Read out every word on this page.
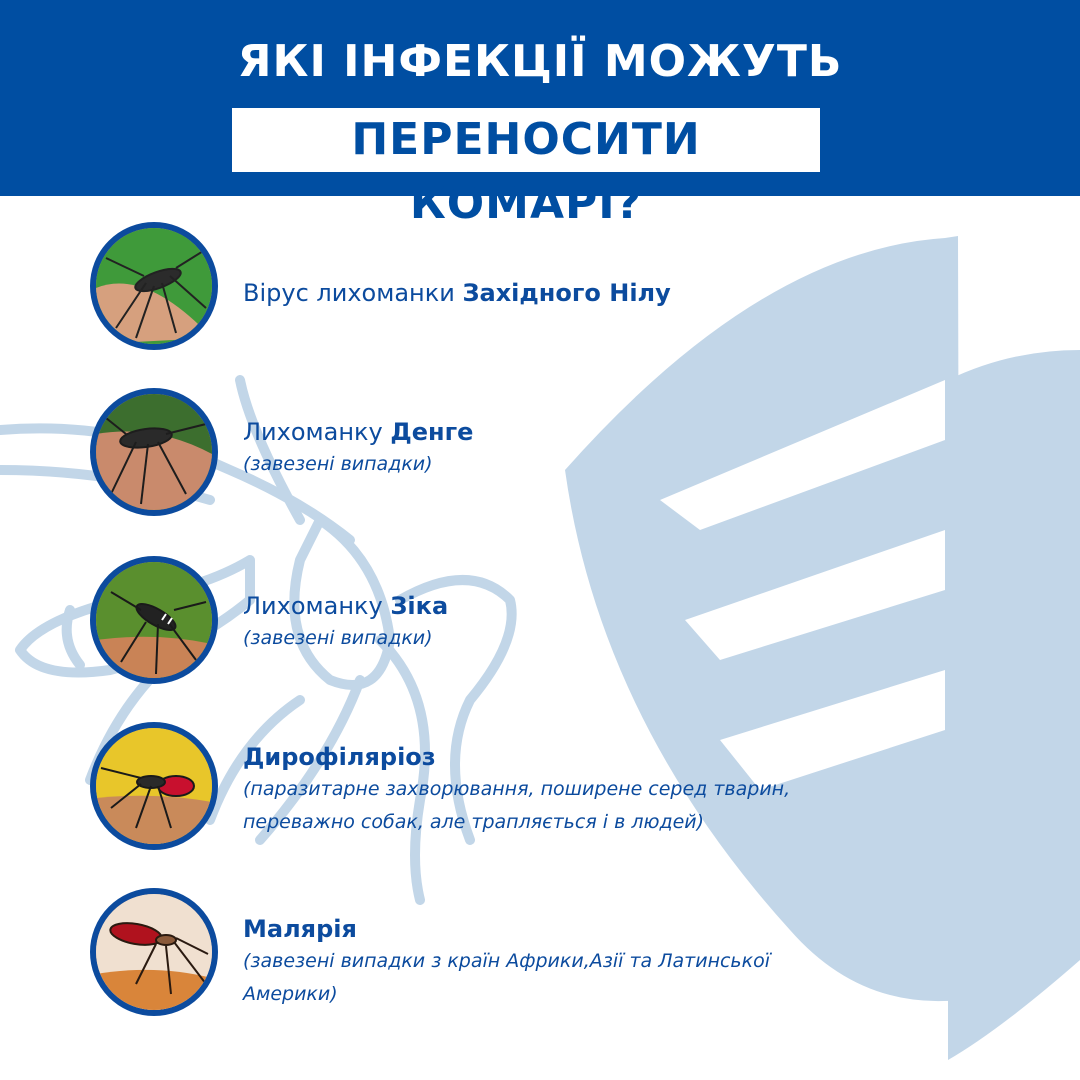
ЯКІ ІНФЕКЦІЇ МОЖУТЬ
ПЕРЕНОСИТИ КОМАРІ?
Вірус лихоманки Західного Нілу
Лихоманку Денге
(завезені випадки)
Лихоманку Зіка
(завезені випадки)
Дирофіляріоз
(паразитарне захворювання, поширене серед тварин,
переважно собак, але трапляється і в людей)
Малярія
(завезені випадки з країн Африки,Азії та Латинської
Америки)
